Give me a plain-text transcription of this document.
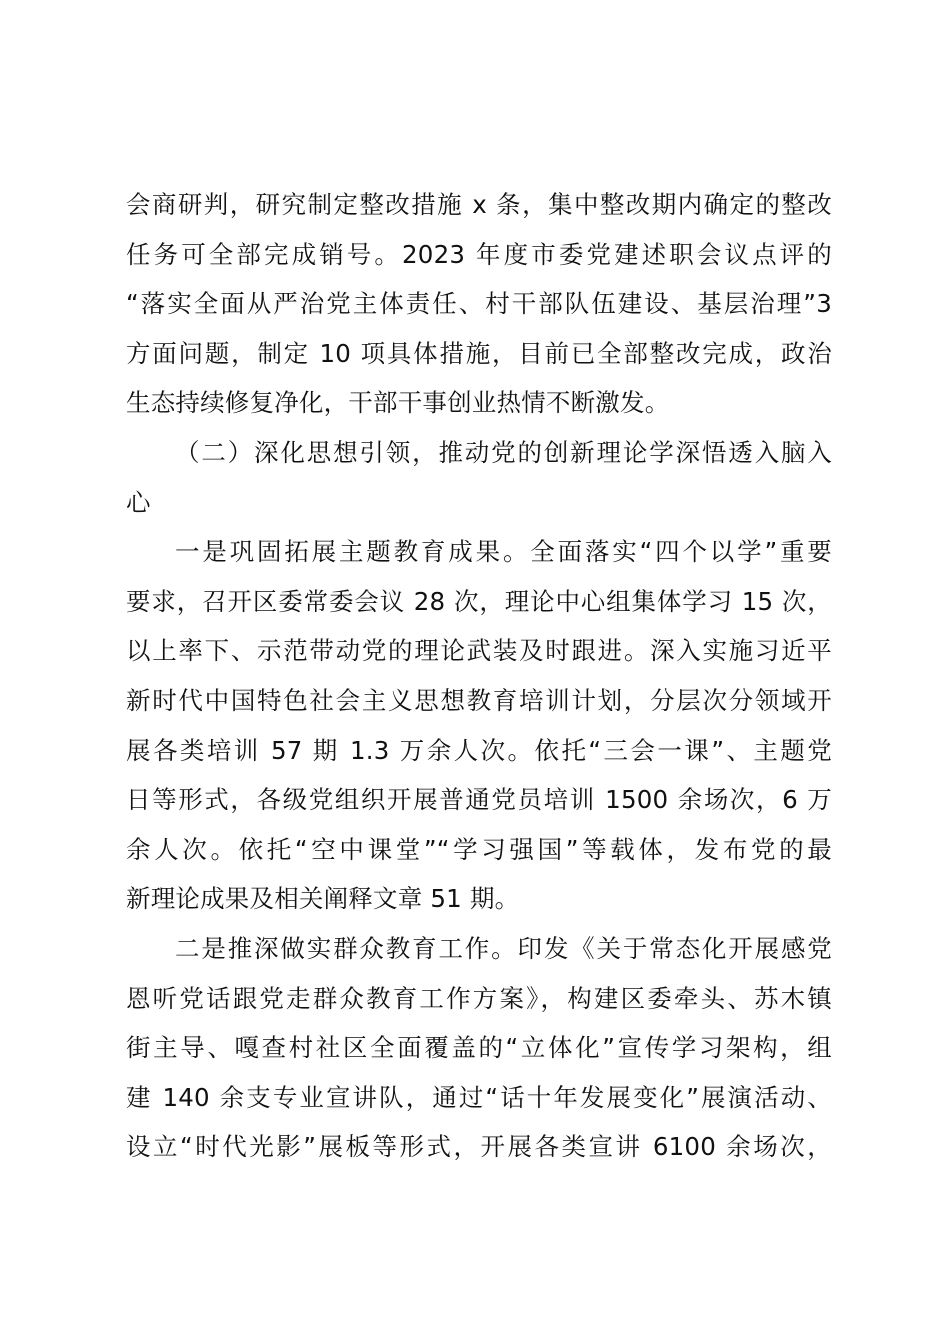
会商研判，研究制定整改措施 x 条，集中整改期内确定的整改
任务可全部完成销号。2023 年度市委党建述职会议点评的
“落实全面从严治党主体责任、村干部队伍建设、基层治理”3
方面问题，制定 10 项具体措施，目前已全部整改完成，政治
生态持续修复净化，干部干事创业热情不断激发。
（二）深化思想引领，推动党的创新理论学深悟透入脑入
心
一是巩固拓展主题教育成果。全面落实“四个以学”重要
要求，召开区委常委会议 28 次，理论中心组集体学习 15 次，
以上率下、示范带动党的理论武装及时跟进。深入实施习近平
新时代中国特色社会主义思想教育培训计划，分层次分领域开
展各类培训 57 期 1.3 万余人次。依托“三会一课”、主题党
日等形式，各级党组织开展普通党员培训 1500 余场次，6 万
余人次。依托“空中课堂”“学习强国”等载体，发布党的最
新理论成果及相关阐释文章 51 期。
二是推深做实群众教育工作。印发《关于常态化开展感党
恩听党话跟党走群众教育工作方案》，构建区委牵头、苏木镇
街主导、嘎查村社区全面覆盖的“立体化”宣传学习架构，组
建 140 余支专业宣讲队，通过“话十年发展变化”展演活动、
设立“时代光影”展板等形式，开展各类宣讲 6100 余场次，
